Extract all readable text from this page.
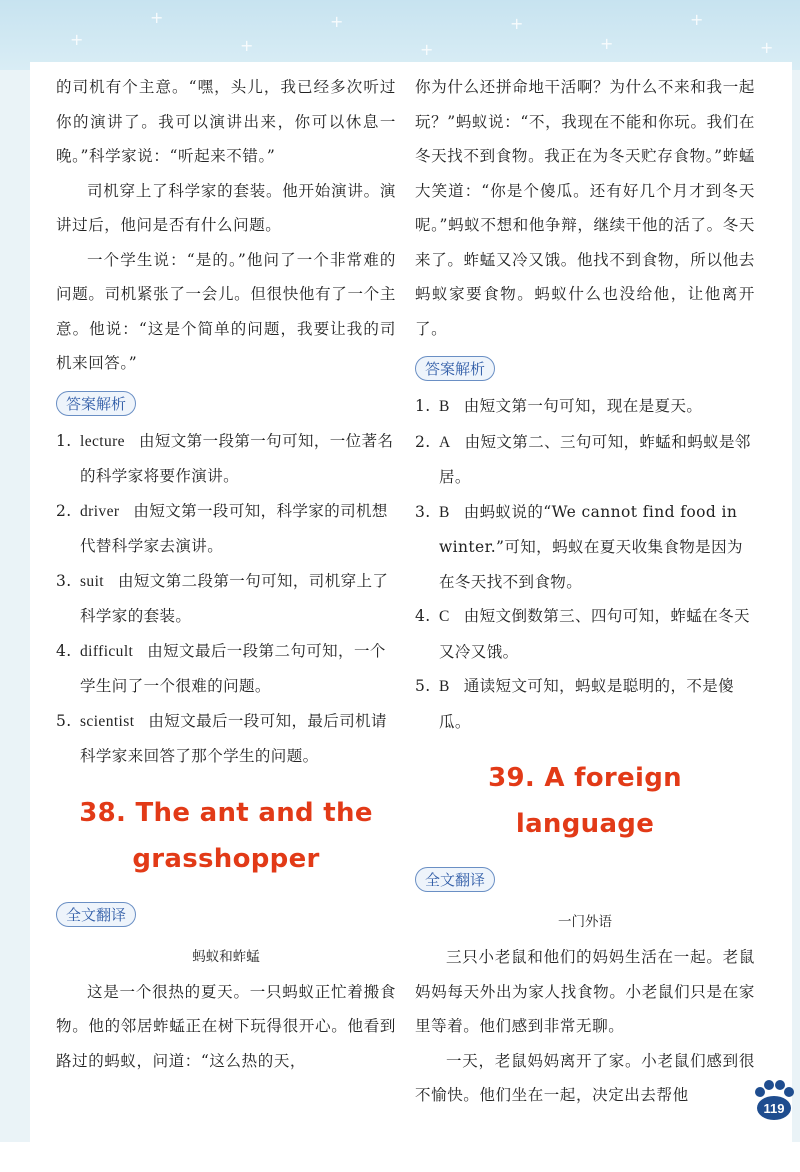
+
+
+
+
+
+
+
+
+

的司机有个主意。“嘿，头儿，我已经多次听过你的演讲了。我可以演讲出来，你可以休息一晚。”科学家说：“听起来不错。”

司机穿上了科学家的套装。他开始演讲。演讲过后，他问是否有什么问题。

一个学生说：“是的。”他问了一个非常难的问题。司机紧张了一会儿。但很快他有了一个主意。他说：“这是个简单的问题，我要让我的司机来回答。”

答案解析
1. lecture 由短文第一段第一句可知，一位著名的科学家将要作演讲。
2. driver 由短文第一段可知，科学家的司机想代替科学家去演讲。
3. suit 由短文第二段第一句可知，司机穿上了科学家的套装。
4. difficult 由短文最后一段第二句可知，一个学生问了一个很难的问题。
5. scientist 由短文最后一段可知，最后司机请科学家来回答了那个学生的问题。
38. The ant and the
grasshopper
全文翻译
蚂蚁和蚱蜢

这是一个很热的夏天。一只蚂蚁正忙着搬食物。他的邻居蚱蜢正在树下玩得很开心。他看到路过的蚂蚁，问道：“这么热的天，

你为什么还拼命地干活啊？为什么不来和我一起玩？”蚂蚁说：“不，我现在不能和你玩。我们在冬天找不到食物。我正在为冬天贮存食物。”蚱蜢大笑道：“你是个傻瓜。还有好几个月才到冬天呢。”蚂蚁不想和他争辩，继续干他的活了。冬天来了。蚱蜢又冷又饿。他找不到食物，所以他去蚂蚁家要食物。蚂蚁什么也没给他，让他离开了。

答案解析
1. B 由短文第一句可知，现在是夏天。
2. A 由短文第二、三句可知，蚱蜢和蚂蚁是邻居。
3. B 由蚂蚁说的“We cannot find food in winter.”可知，蚂蚁在夏天收集食物是因为在冬天找不到食物。
4. C 由短文倒数第三、四句可知，蚱蜢在冬天又冷又饿。
5. B 通读短文可知，蚂蚁是聪明的，不是傻瓜。
39. A foreign language
全文翻译
一门外语

三只小老鼠和他们的妈妈生活在一起。老鼠妈妈每天外出为家人找食物。小老鼠们只是在家里等着。他们感到非常无聊。

一天，老鼠妈妈离开了家。小老鼠们感到很不愉快。他们坐在一起，决定出去帮他

119
